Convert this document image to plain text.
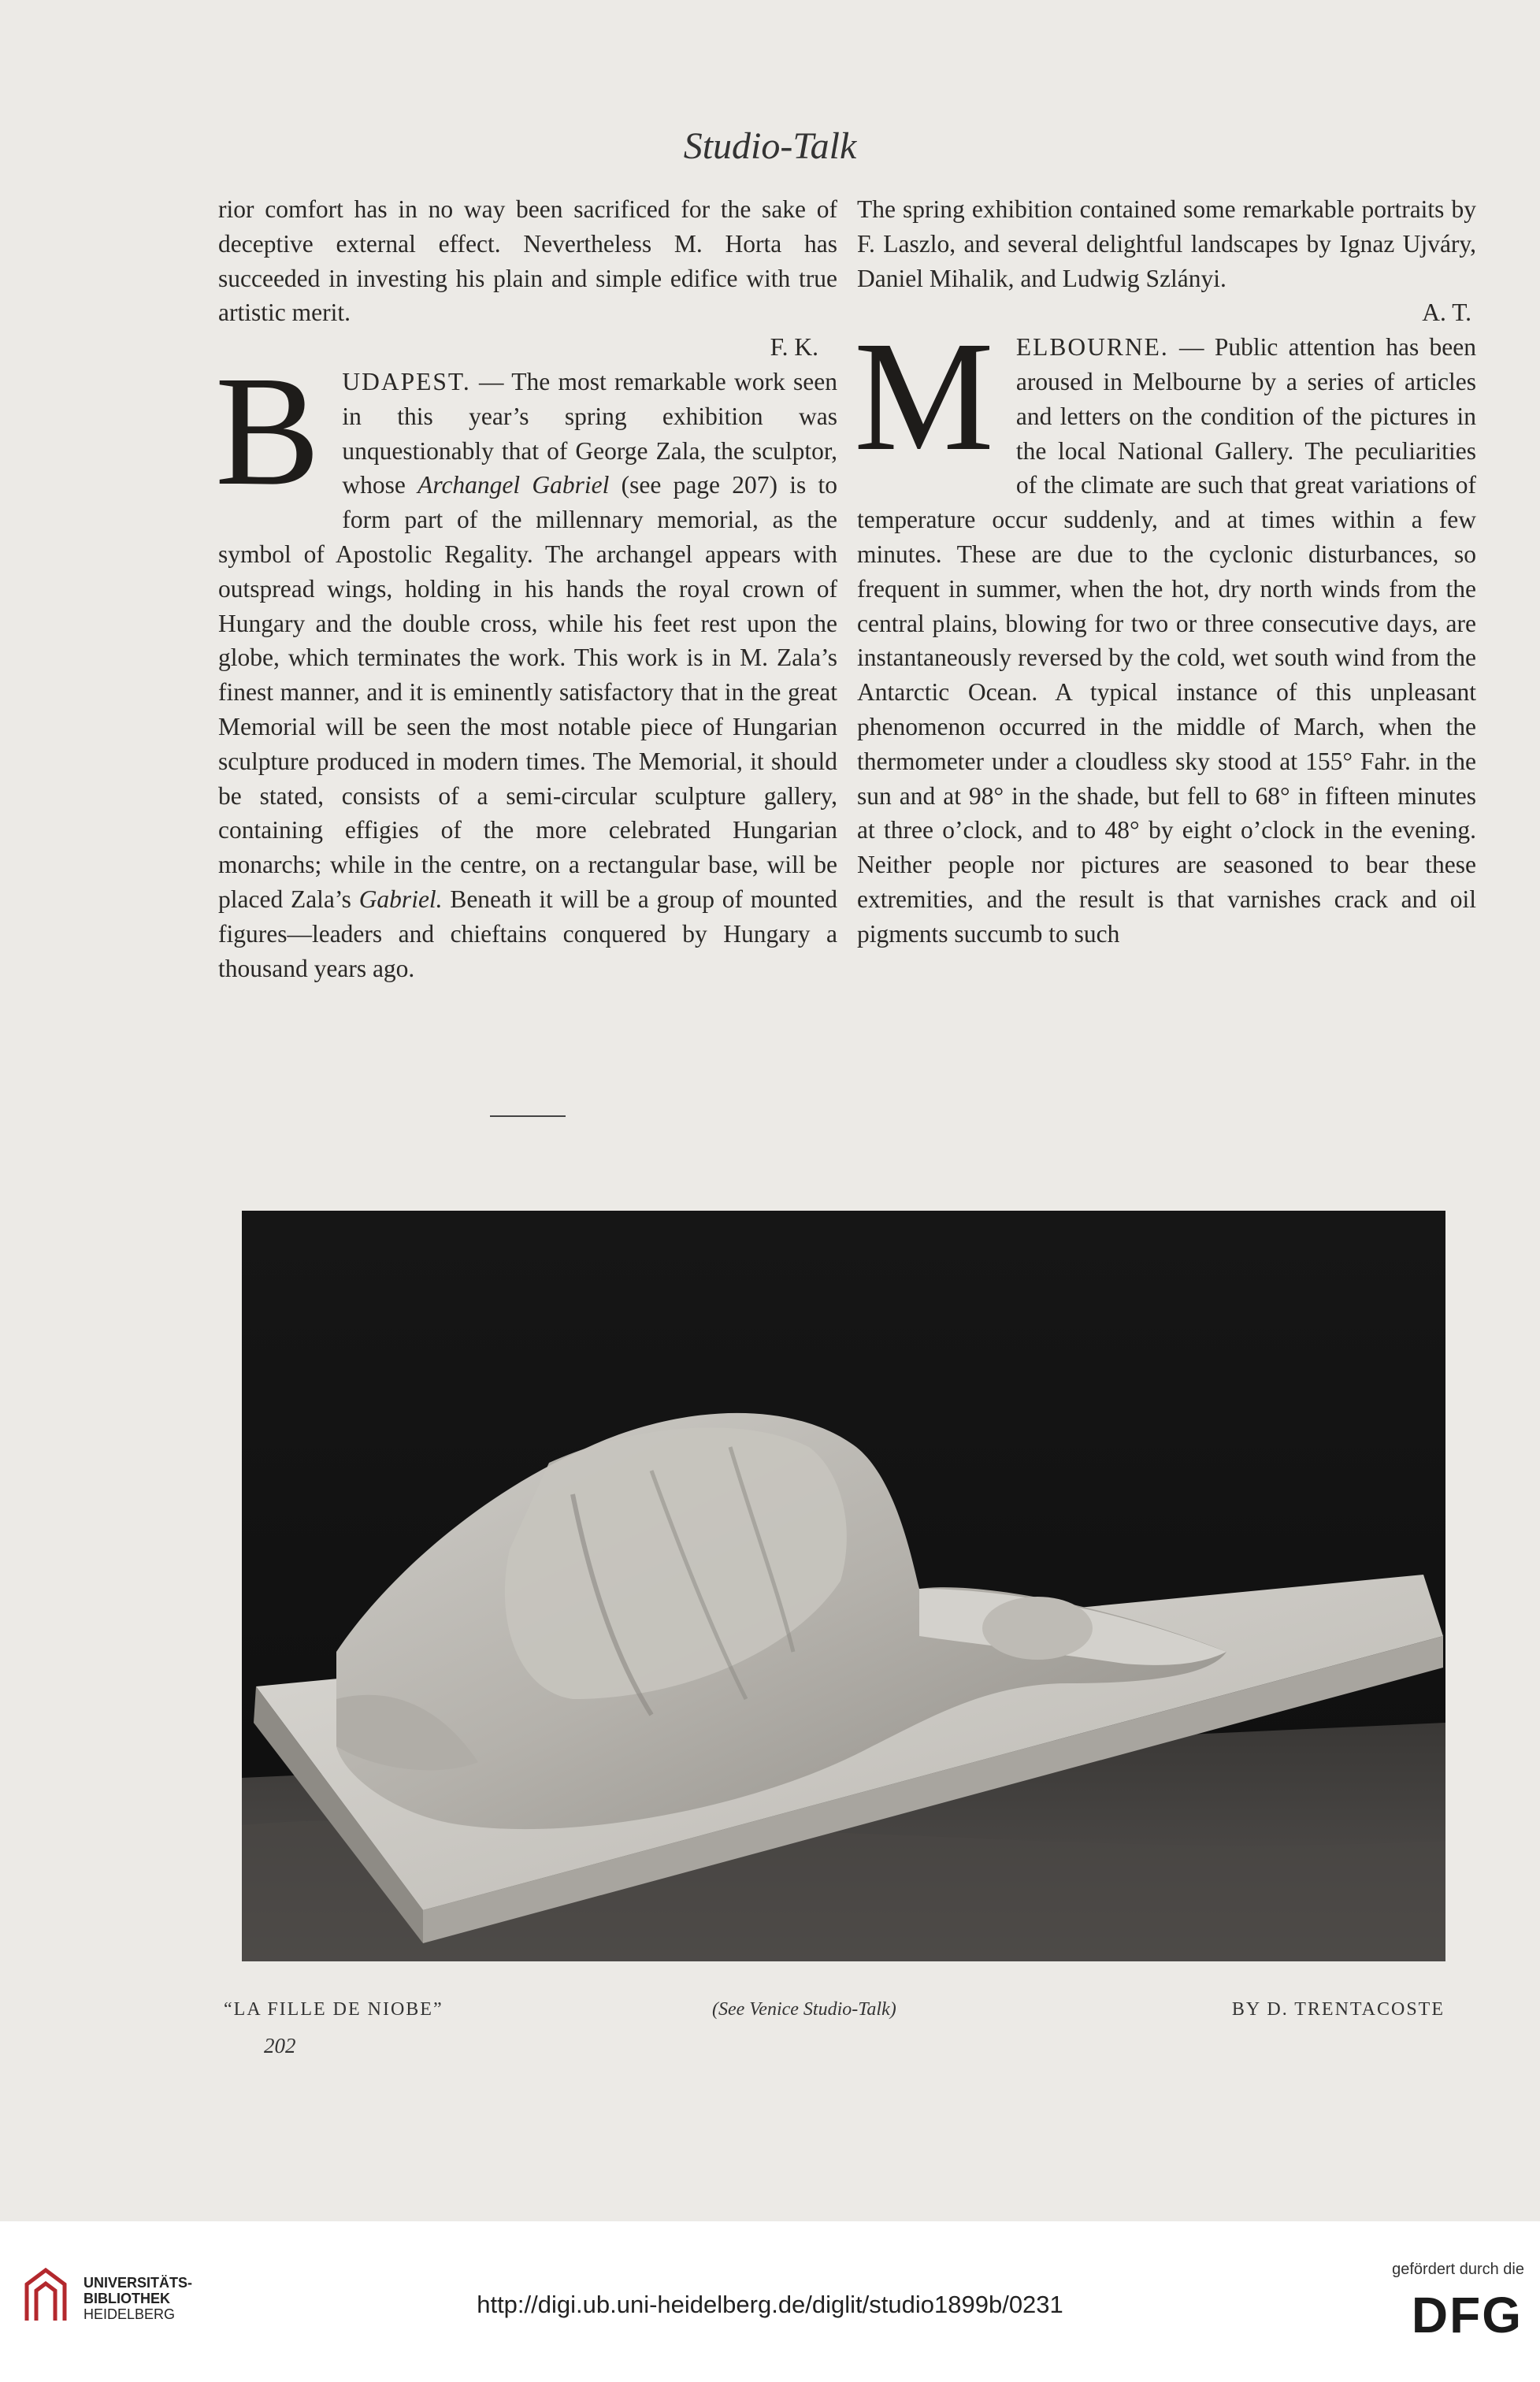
Studio-Talk

rior comfort has in no way been sacrificed for the sake of deceptive external effect. Nevertheless M. Horta has succeeded in investing his plain and simple edifice with true artistic merit.

F. K.

BUDAPEST. — The most remarkable work seen in this year’s spring exhibition was unquestionably that of George Zala, the sculptor, whose Archangel Gabriel (see page 207) is to form part of the millennary memorial, as the symbol of Apostolic Regality. The archangel appears with outspread wings, holding in his hands the royal crown of Hungary and the double cross, while his feet rest upon the globe, which terminates the work. This work is in M. Zala’s finest manner, and it is eminently satisfactory that in the great Memorial will be seen the most notable piece of Hungarian sculpture produced in modern times. The Memorial, it should be stated, consists of a semi-circular sculpture gallery, containing effigies of the more celebrated Hungarian monarchs; while in the centre, on a rectangular base, will be placed Zala’s Gabriel. Beneath it will be a group of mounted figures—leaders and chieftains conquered by Hungary a thousand years ago.

The spring exhibition contained some remarkable portraits by F. Laszlo, and several delightful landscapes by Ignaz Ujváry, Daniel Mihalik, and Ludwig Szlányi.

A. T.

MELBOURNE. — Public attention has been aroused in Melbourne by a series of articles and letters on the condition of the pictures in the local National Gallery. The peculiarities of the climate are such that great variations of temperature occur suddenly, and at times within a few minutes. These are due to the cyclonic disturbances, so frequent in summer, when the hot, dry north winds from the central plains, blowing for two or three consecutive days, are instantaneously reversed by the cold, wet south wind from the Antarctic Ocean. A typical instance of this unpleasant phenomenon occurred in the middle of March, when the thermometer under a cloudless sky stood at 155° Fahr. in the sun and at 98° in the shade, but fell to 68° in fifteen minutes at three o’clock, and to 48° by eight o’clock in the evening. Neither people nor pictures are seasoned to bear these extremities, and the result is that varnishes crack and oil pigments succumb to such

“LA FILLE DE NIOBE”	(See Venice Studio-Talk)	BY D. TRENTACOSTE
202
UNIVERSITÄTS-
BIBLIOTHEK
HEIDELBERG	http://digi.ub.uni-heidelberg.de/diglit/studio1899b/0231
gefördert durch die
DFG
